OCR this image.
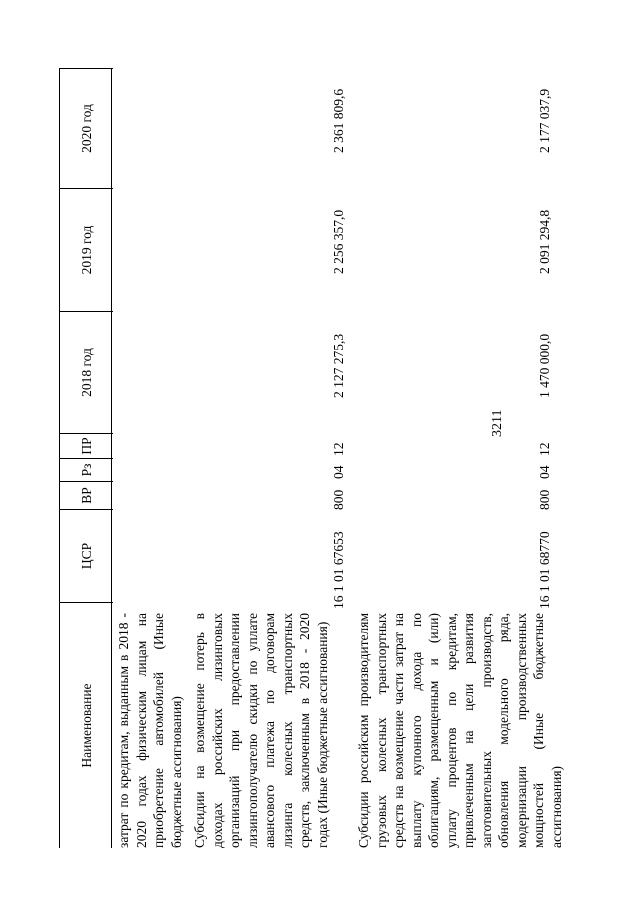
3211
Наименование
ЦСР
ВР
Рз
ПР
2018 год
2019 год
2020 год
затрат по кредитам, выданным в 2018 - 2020 годах физическим лицам на приобретение автомобилей (Иные бюджетные ассигнования) Субсидии на возмещение потерь в доходах российских лизинговых организаций при предоставлении лизингополучателю скидки по уплате авансового платежа по договорам лизинга колесных транспортных средств, заключенным в 2018 - 2020 годах (Иные бюджетные ассигнования)
16 1 01 67653
800
04
12
2 127 275,3
2 256 357,0
2 361 809,6
Субсидии российским производителям грузовых колесных транспортных средств на возмещение части затрат на выплату купонного дохода по облигациям, размещенным и (или) уплату процентов по кредитам, привлеченным на цели развития заготовительных производств, обновления модельного ряда, модернизации производственных мощностей (Иные бюджетные ассигнования)
16 1 01 68770
800
04
12
1 470 000,0
2 091 294,8
2 177 037,9
